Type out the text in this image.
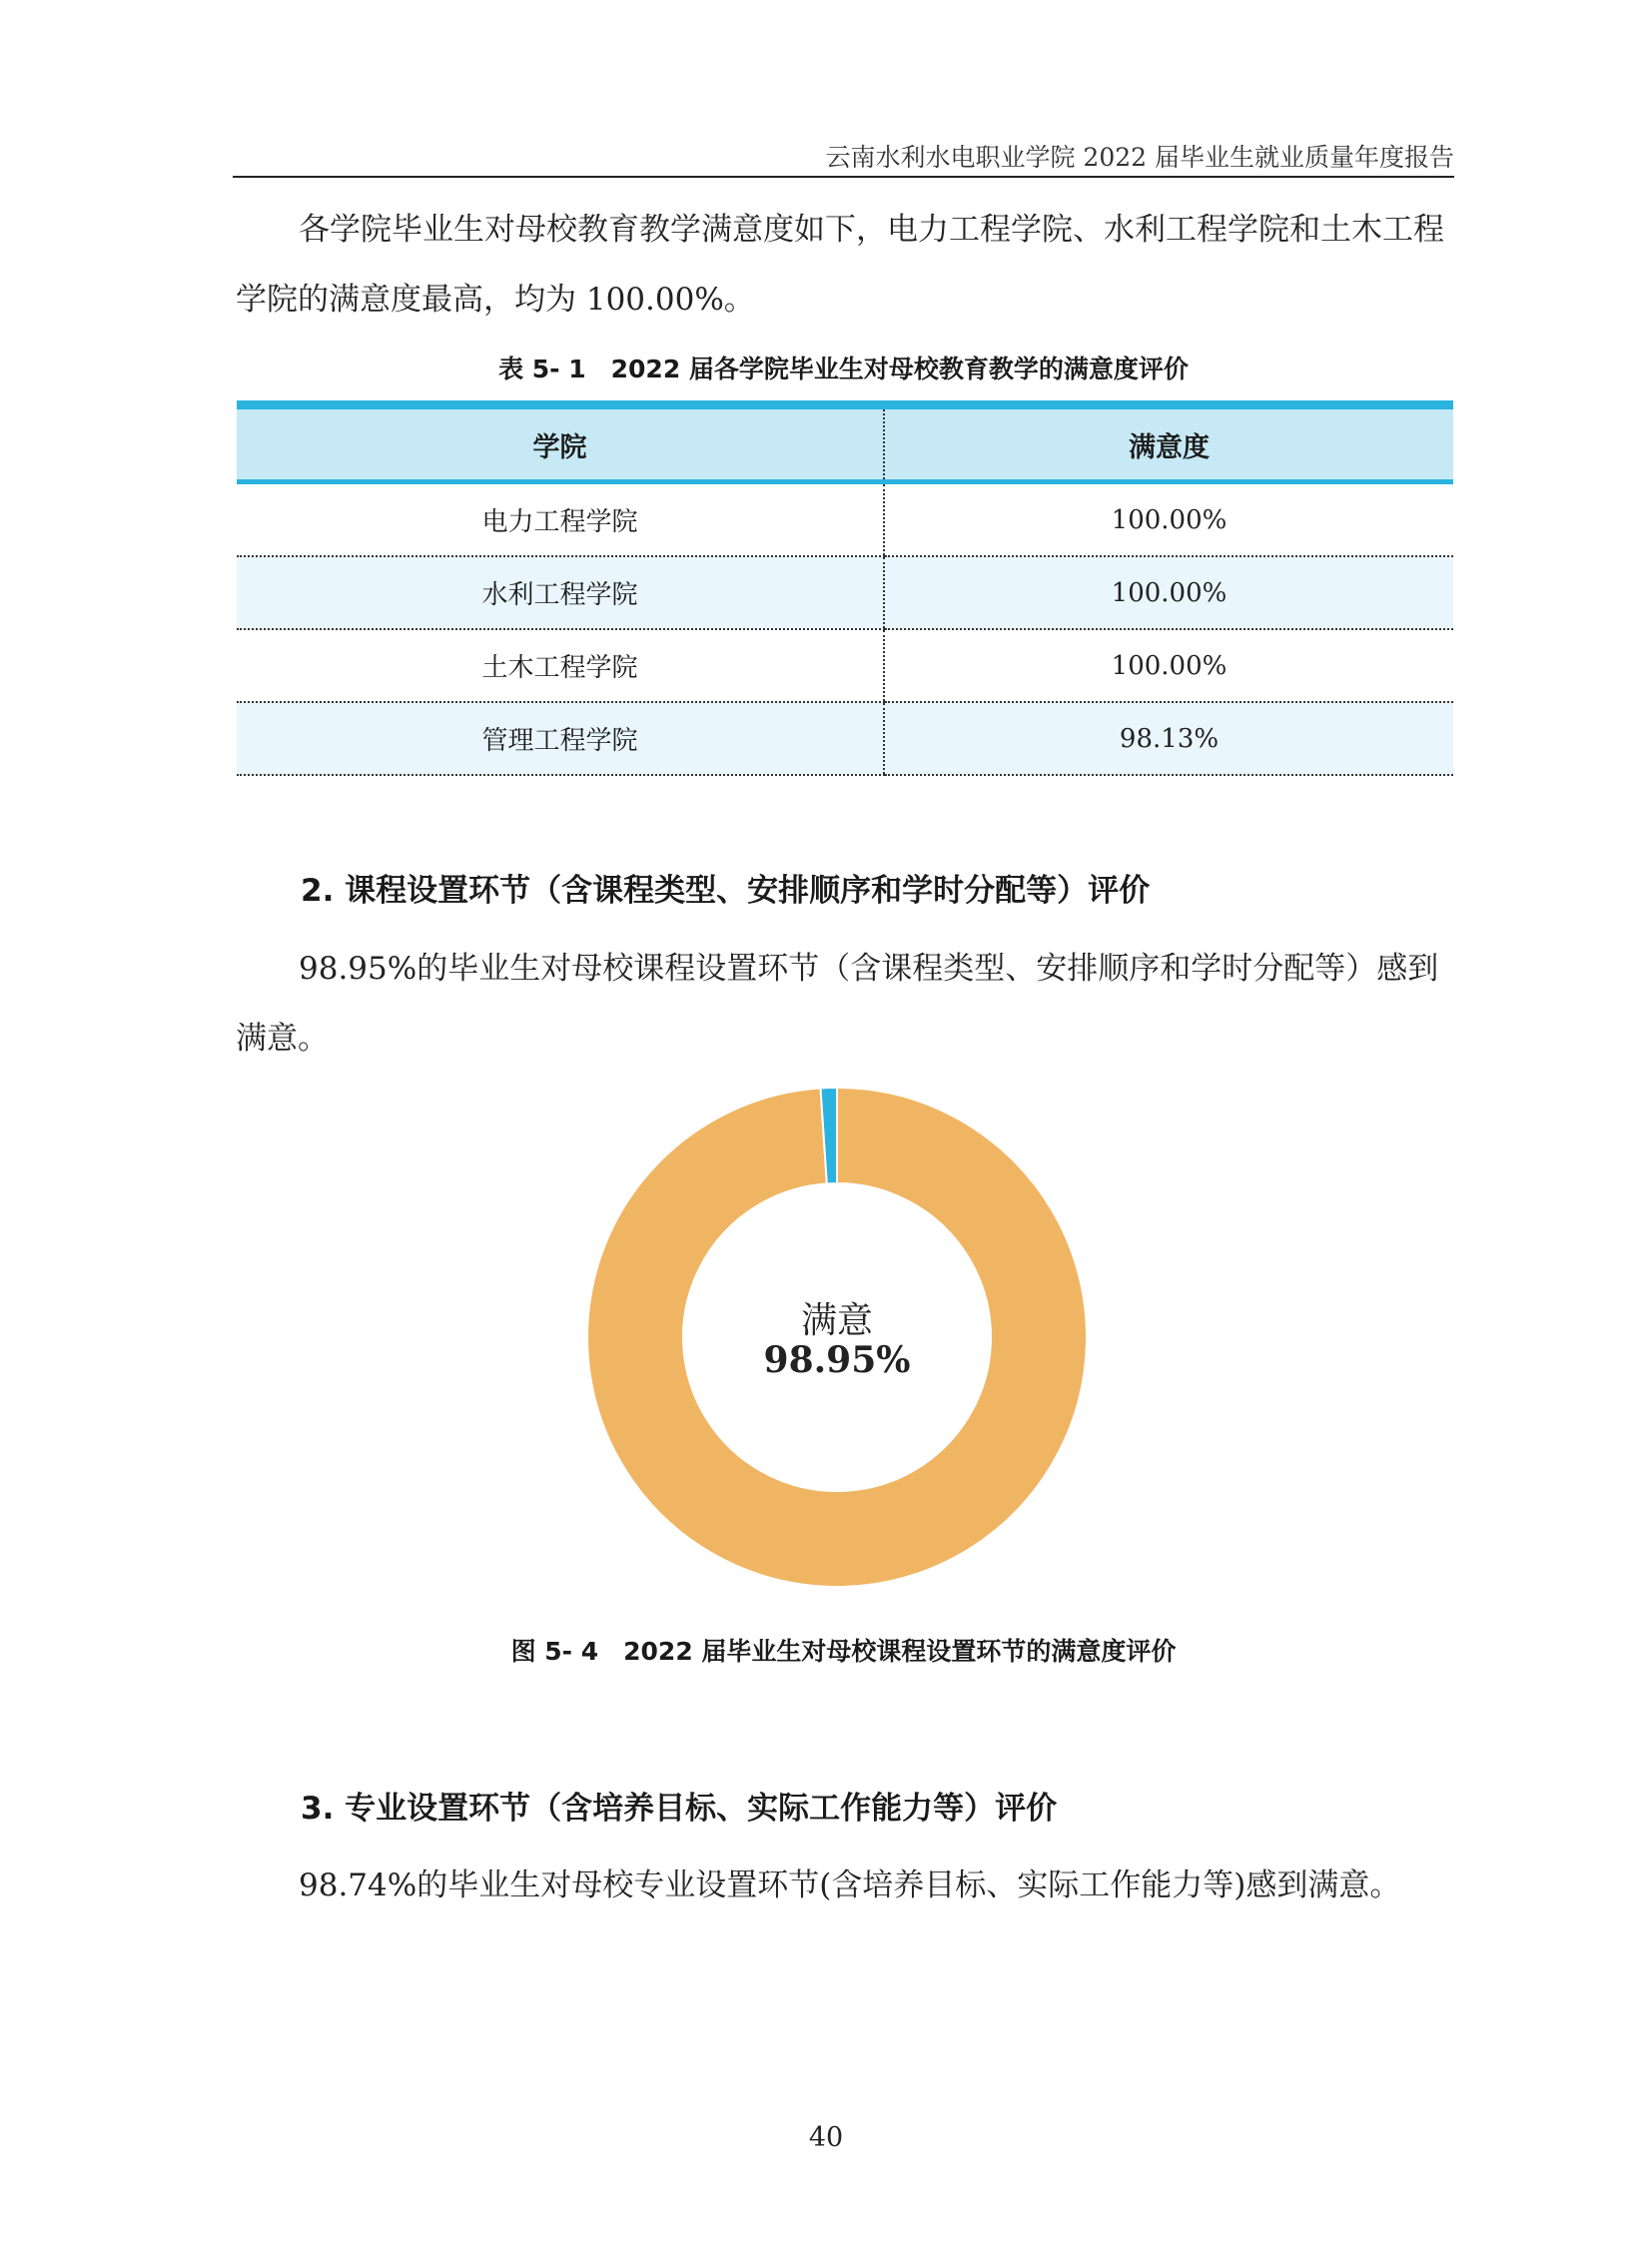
云南水利水电职业学院 2022 届毕业生就业质量年度报告

各学院毕业生对母校教育教学满意度如下，电力工程学院、水利工程学院和土木工程学院的满意度最高，均为 100.00%。

表 5- 1　2022 届各学院毕业生对母校教育教学的满意度评价
学院	满意度
电力工程学院	100.00%
水利工程学院	100.00%
土木工程学院	100.00%
管理工程学院	98.13%
2. 课程设置环节（含课程类型、安排顺序和学时分配等）评价

98.95%的毕业生对母校课程设置环节（含课程类型、安排顺序和学时分配等）感到满意。

满意
98.95%
图 5- 4　2022 届毕业生对母校课程设置环节的满意度评价
3. 专业设置环节（含培养目标、实际工作能力等）评价

98.74%的毕业生对母校专业设置环节(含培养目标、实际工作能力等)感到满意。

40
